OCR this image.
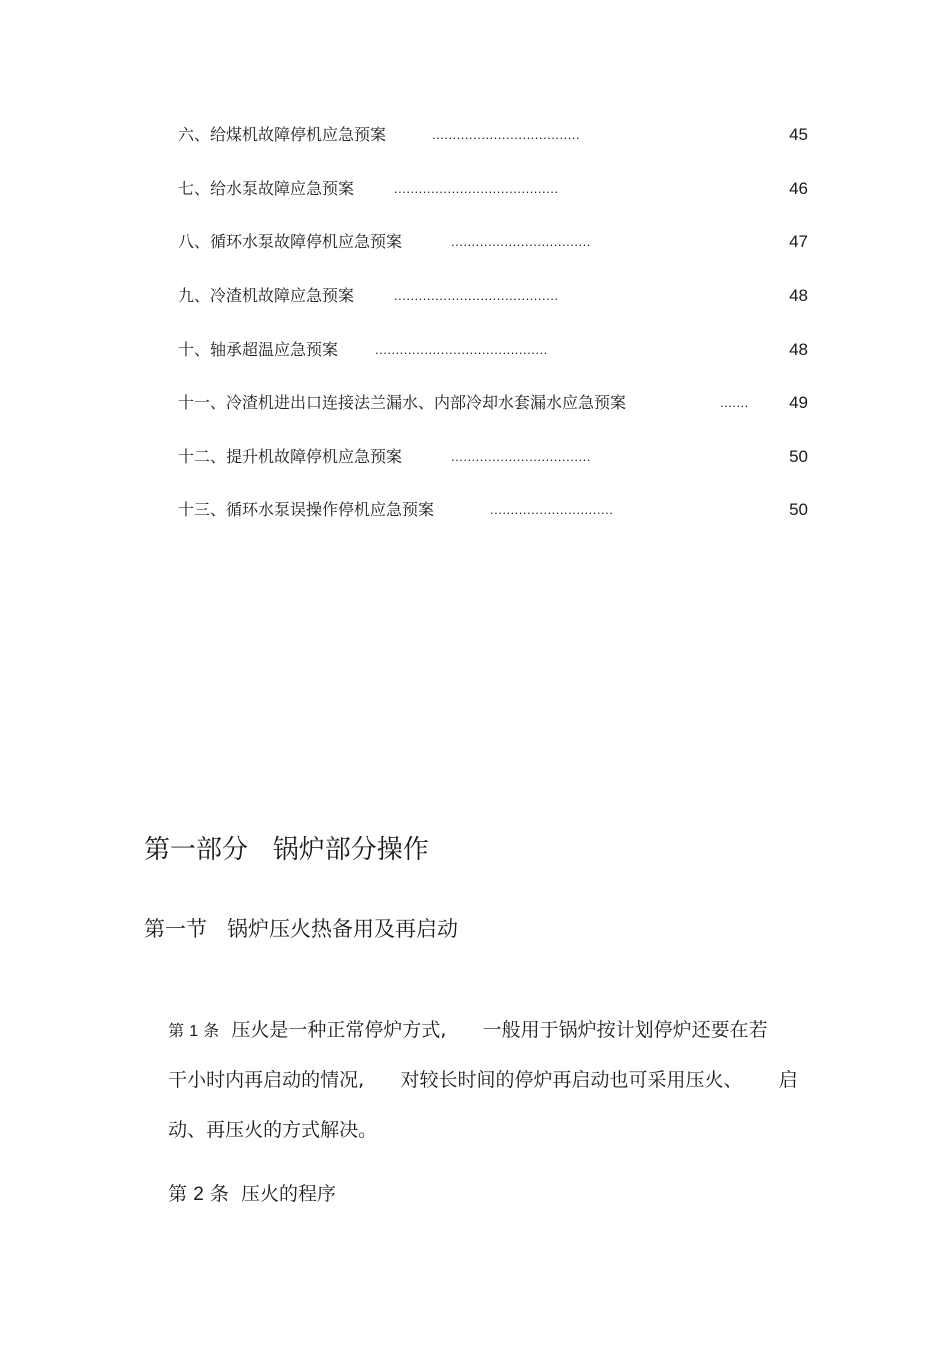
六、给煤机故障停机应急预案	....................................	45
七、给水泵故障应急预案	........................................	46
八、循环水泵故障停机应急预案	..................................	47
九、冷渣机故障应急预案	........................................	48
十、轴承超温应急预案	..........................................	48
十一、冷渣机进出口连接法兰漏水、内部冷却水套漏水应急预案	....... 49
十二、提升机故障停机应急预案	..................................	50
十三、循环水泵误操作停机应急预案	..............................	50
第一部分   锅炉部分操作
第一节   锅炉压火热备用及再启动

第 1 条 压火是一种正常停炉方式,      一般用于锅炉按计划停炉还要在若

干小时内再启动的情况,      对较长时间的停炉再启动也可采用压火、      启

动、再压火的方式解决。

第 2 条 压火的程序
